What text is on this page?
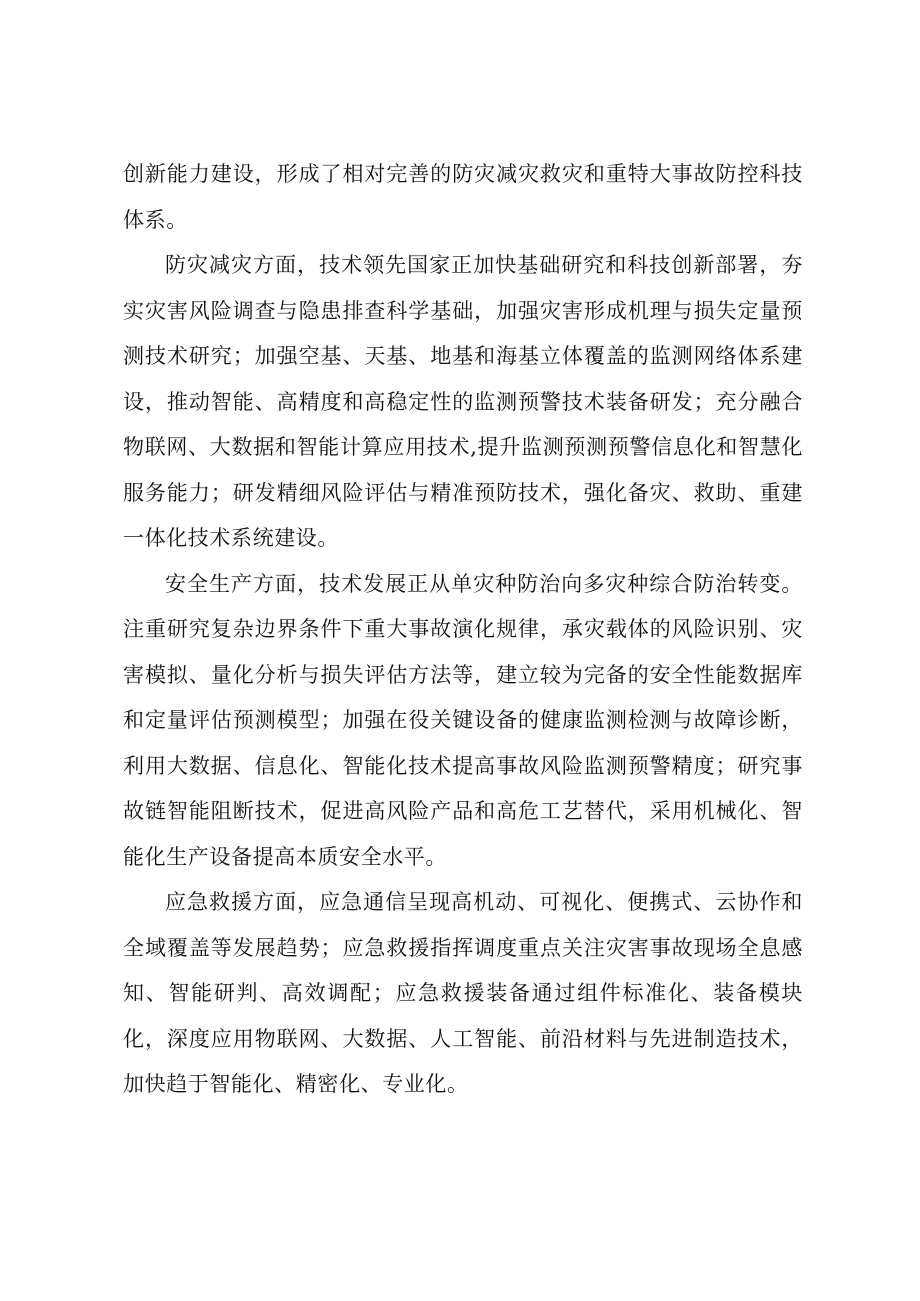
创新能力建设，形成了相对完善的防灾减灾救灾和重特大事故防控科技体系。

防灾减灾方面，技术领先国家正加快基础研究和科技创新部署，夯实灾害风险调查与隐患排查科学基础，加强灾害形成机理与损失定量预测技术研究；加强空基、天基、地基和海基立体覆盖的监测网络体系建设，推动智能、高精度和高稳定性的监测预警技术装备研发；充分融合物联网、大数据和智能计算应用技术,提升监测预测预警信息化和智慧化服务能力；研发精细风险评估与精准预防技术，强化备灾、救助、重建一体化技术系统建设。

安全生产方面，技术发展正从单灾种防治向多灾种综合防治转变。注重研究复杂边界条件下重大事故演化规律，承灾载体的风险识别、灾害模拟、量化分析与损失评估方法等，建立较为完备的安全性能数据库和定量评估预测模型；加强在役关键设备的健康监测检测与故障诊断，利用大数据、信息化、智能化技术提高事故风险监测预警精度；研究事故链智能阻断技术，促进高风险产品和高危工艺替代，采用机械化、智能化生产设备提高本质安全水平。

应急救援方面，应急通信呈现高机动、可视化、便携式、云协作和全域覆盖等发展趋势；应急救援指挥调度重点关注灾害事故现场全息感知、智能研判、高效调配；应急救援装备通过组件标准化、装备模块化，深度应用物联网、大数据、人工智能、前沿材料与先进制造技术，加快趋于智能化、精密化、专业化。
